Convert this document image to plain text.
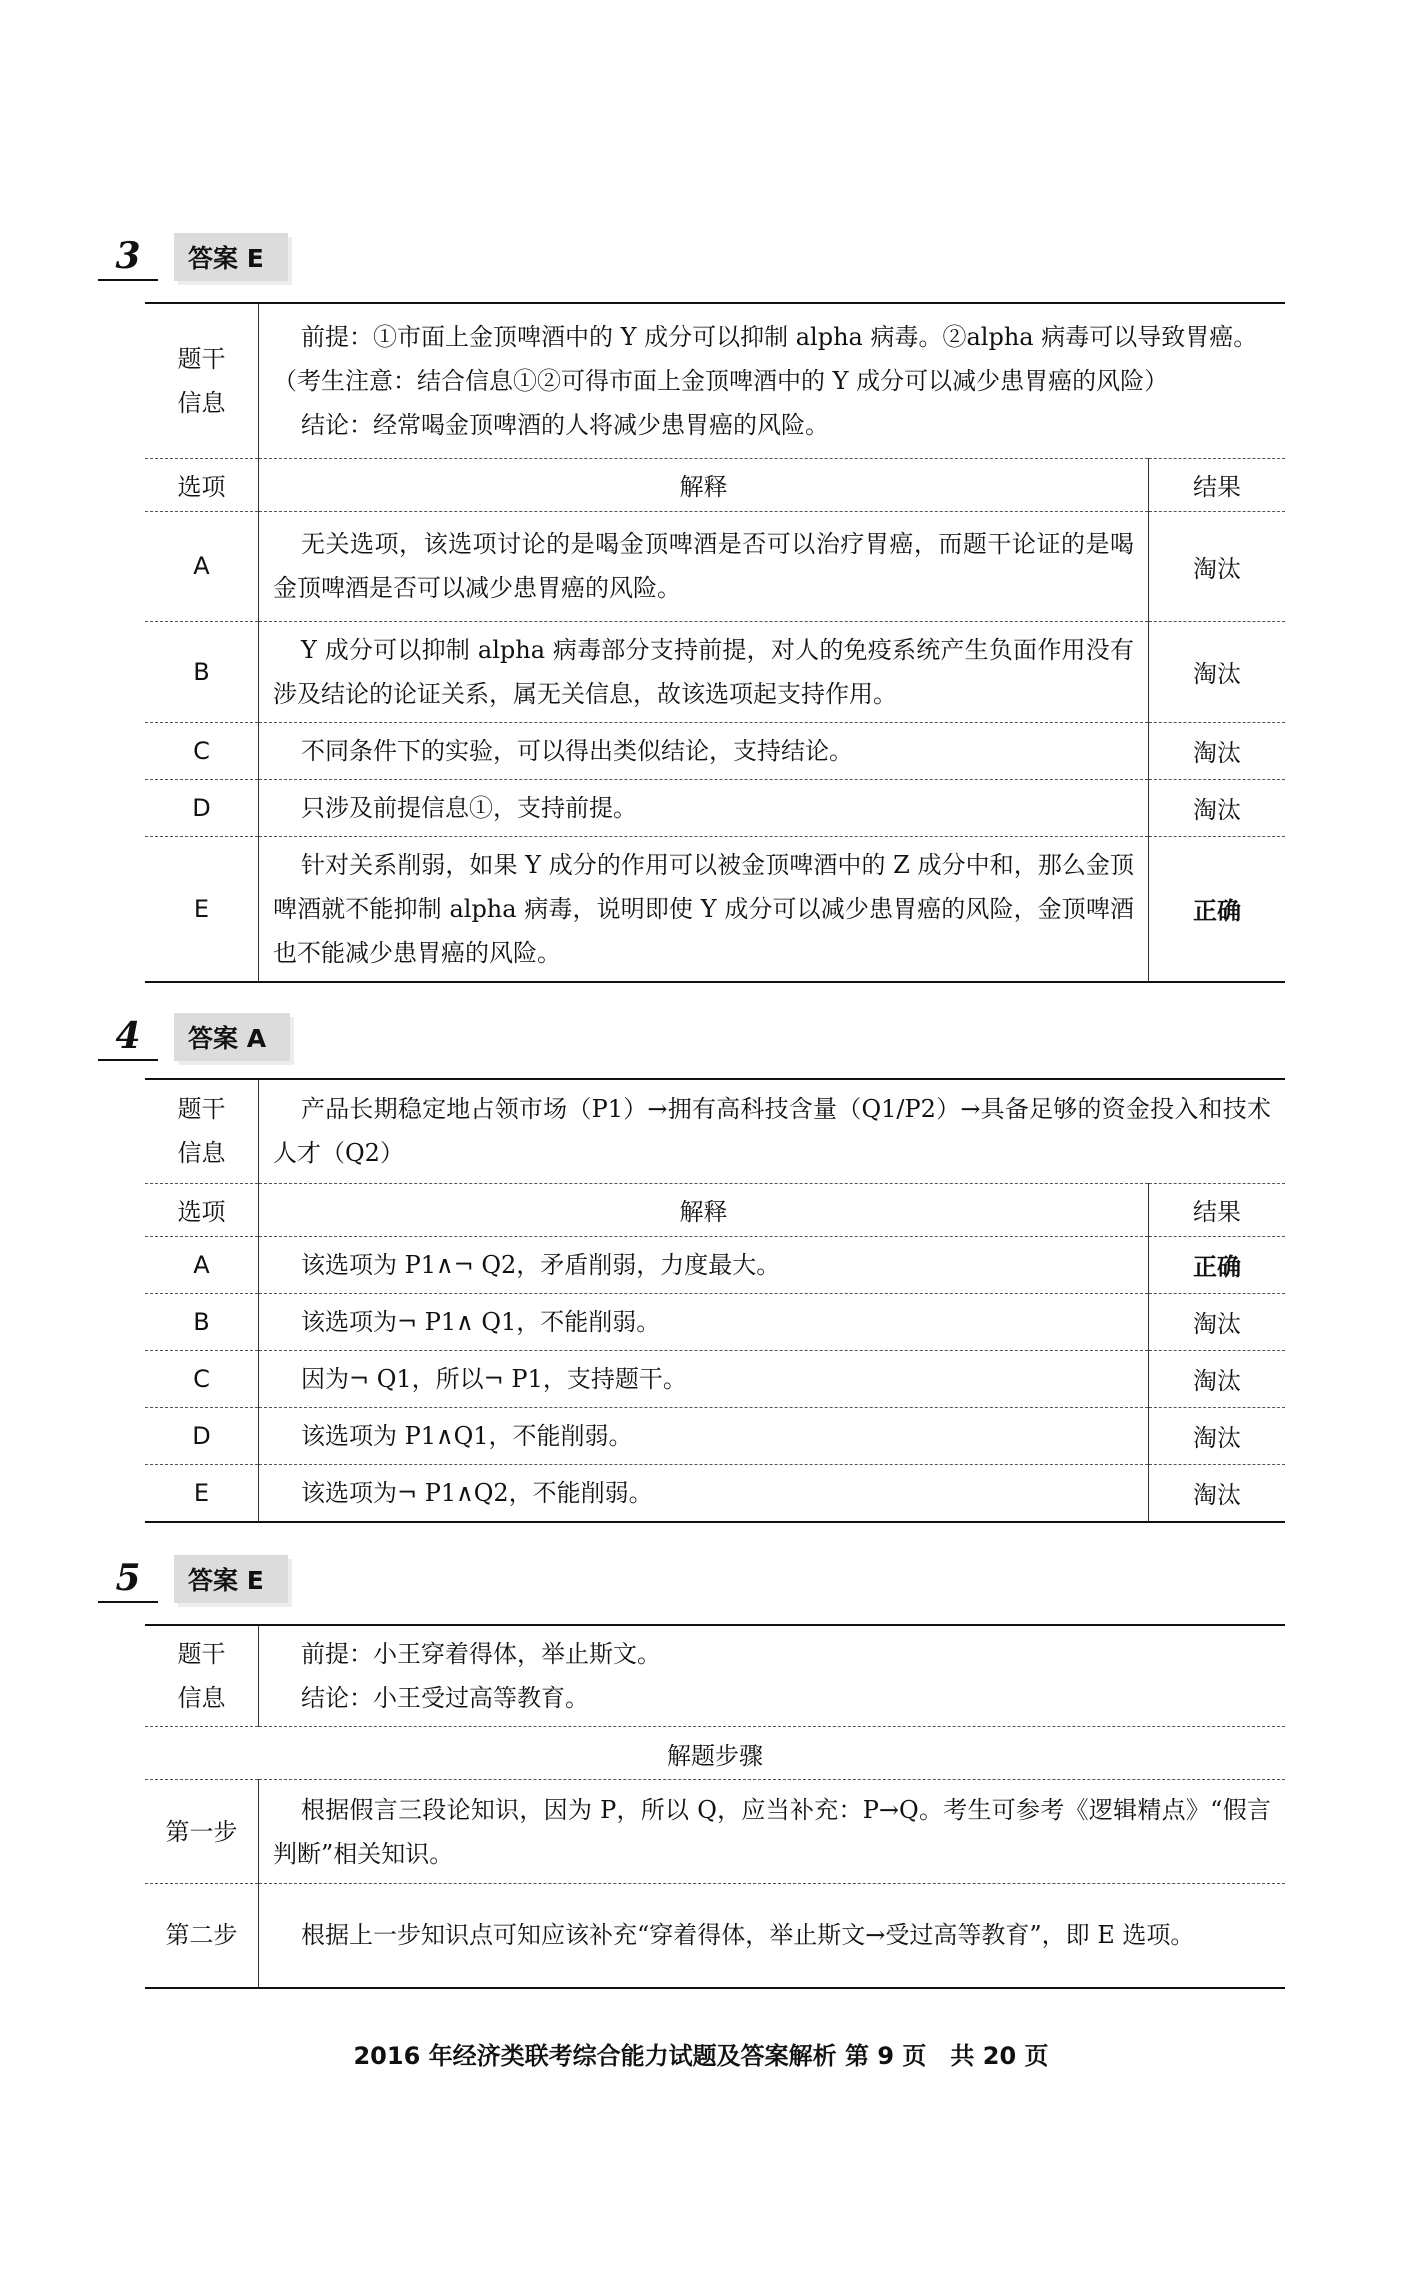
3	答案 E
题干
信息	前提：①市面上金顶啤酒中的 Y 成分可以抑制 alpha 病毒。②alpha 病毒可以导致胃癌。
（考生注意：结合信息①②可得市面上金顶啤酒中的 Y 成分可以减少患胃癌的风险）
结论：经常喝金顶啤酒的人将减少患胃癌的风险。	

选项	解释	结果
A	无关选项，该选项讨论的是喝金顶啤酒是否可以治疗胃癌，而题干论证的是喝金顶啤酒是否可以减少患胃癌的风险。	淘汰
B	Y 成分可以抑制 alpha 病毒部分支持前提，对人的免疫系统产生负面作用没有涉及结论的论证关系，属无关信息，故该选项起支持作用。	淘汰
C	不同条件下的实验，可以得出类似结论，支持结论。	淘汰
D	只涉及前提信息①，支持前提。	淘汰
E	针对关系削弱，如果 Y 成分的作用可以被金顶啤酒中的 Z 成分中和，那么金顶啤酒就不能抑制 alpha 病毒，说明即使 Y 成分可以减少患胃癌的风险，金顶啤酒也不能减少患胃癌的风险。	正确
4	答案 A
题干
信息	产品长期稳定地占领市场（P1）→拥有高科技含量（Q1/P2）→具备足够的资金投入和技术人才（Q2）	

选项	解释	结果
A	该选项为 P1∧¬ Q2，矛盾削弱，力度最大。	正确
B	该选项为¬ P1∧ Q1，不能削弱。	淘汰
C	因为¬ Q1，所以¬ P1，支持题干。	淘汰
D	该选项为 P1∧Q1，不能削弱。	淘汰
E	该选项为¬ P1∧Q2，不能削弱。	淘汰
5	答案 E
题干
信息	前提：小王穿着得体，举止斯文。
结论：小王受过高等教育。

解题步骤	
第一步	根据假言三段论知识，因为 P，所以 Q，应当补充：P→Q。考生可参考《逻辑精点》“假言判断”相关知识。

第二步	根据上一步知识点可知应该补充“穿着得体，举止斯文→受过高等教育”，即 E 选项。
2016 年经济类联考综合能力试题及答案解析 第 9 页　共 20 页
